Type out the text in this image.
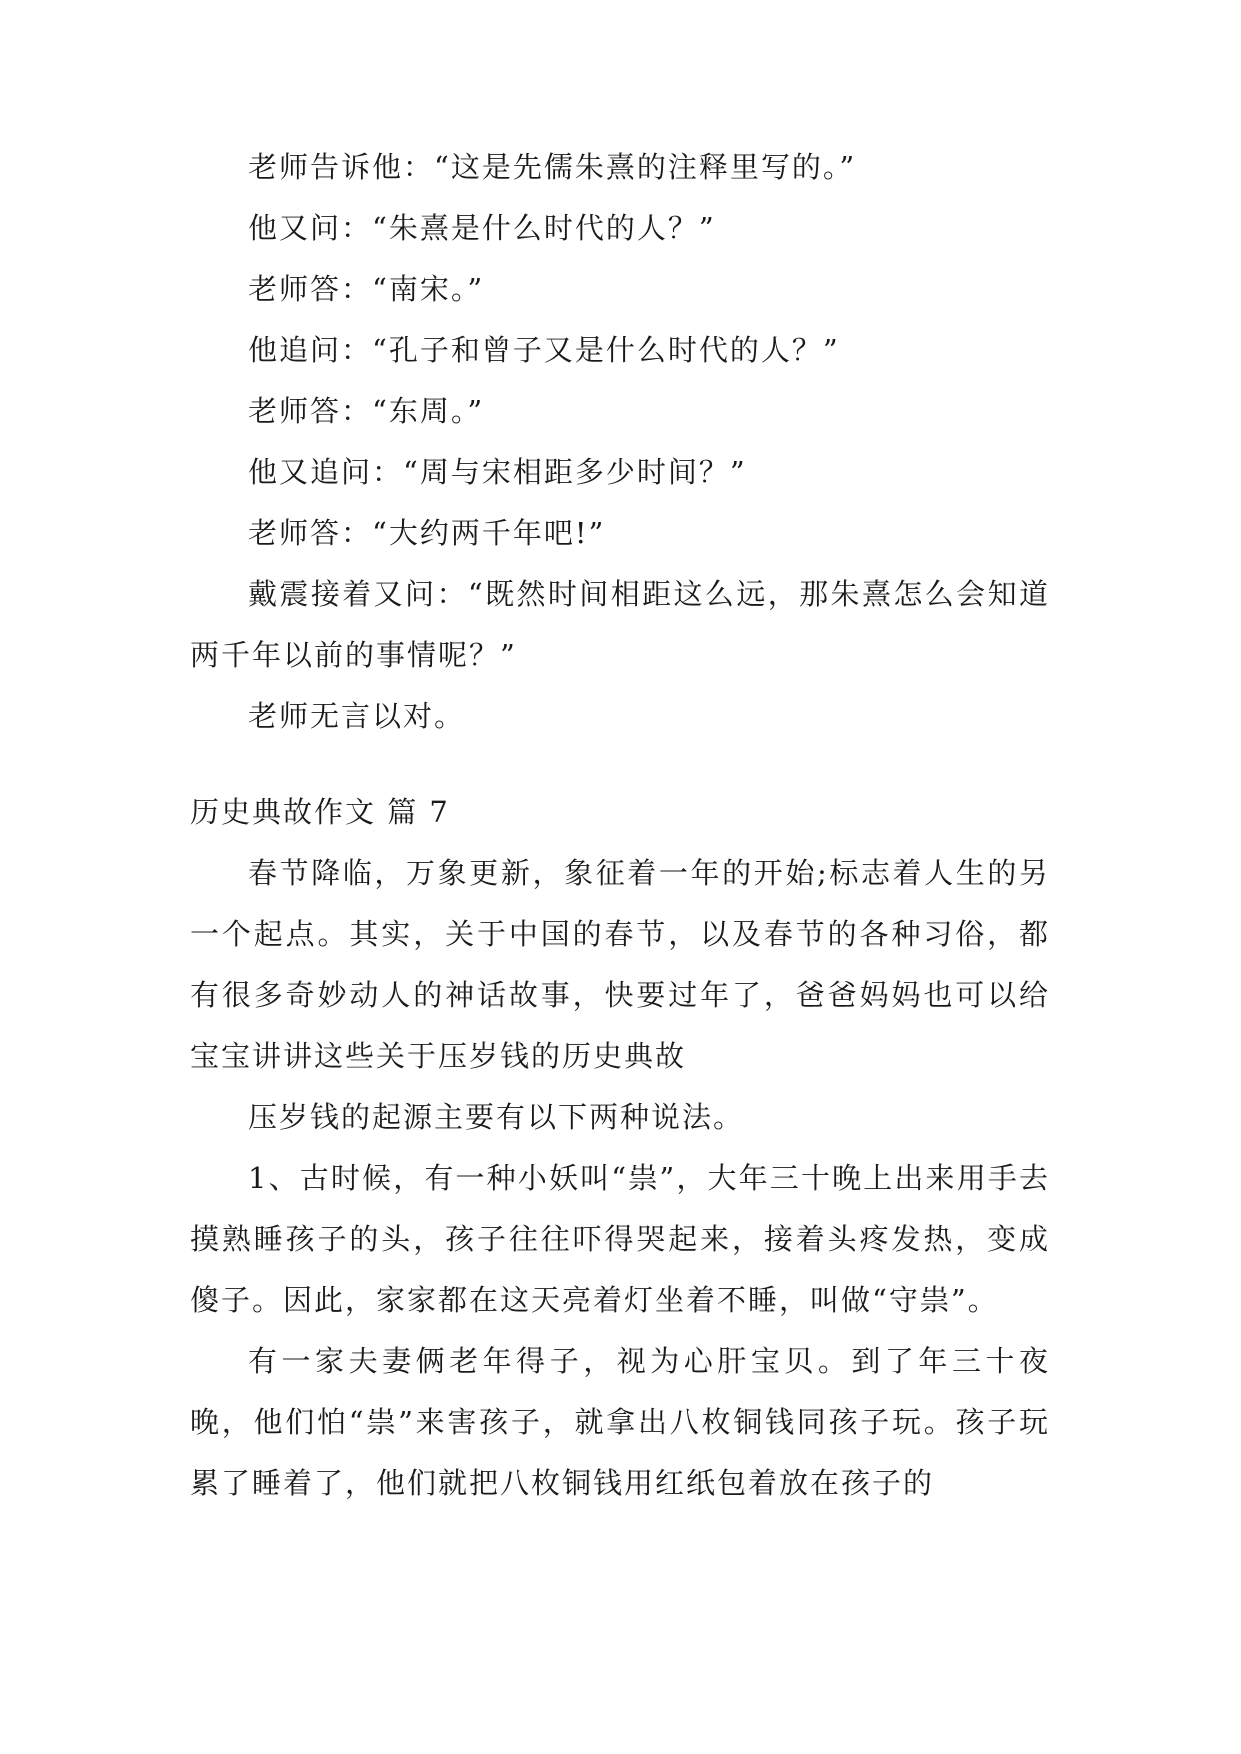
老师告诉他：“这是先儒朱熹的注释里写的。”

他又问：“朱熹是什么时代的人？”

老师答：“南宋。”

他追问：“孔子和曾子又是什么时代的人？”

老师答：“东周。”

他又追问：“周与宋相距多少时间？”

老师答：“大约两千年吧!”

戴震接着又问：“既然时间相距这么远，那朱熹怎么会知道两千年以前的事情呢？”

老师无言以对。

历史典故作文 篇 7

春节降临，万象更新，象征着一年的开始;标志着人生的另一个起点。其实，关于中国的春节，以及春节的各种习俗，都有很多奇妙动人的神话故事，快要过年了，爸爸妈妈也可以给宝宝讲讲这些关于压岁钱的历史典故

压岁钱的起源主要有以下两种说法。

1、古时候，有一种小妖叫“祟”，大年三十晚上出来用手去摸熟睡孩子的头，孩子往往吓得哭起来，接着头疼发热，变成傻子。因此，家家都在这天亮着灯坐着不睡，叫做“守祟”。

有一家夫妻俩老年得子，视为心肝宝贝。到了年三十夜晚，他们怕“祟”来害孩子，就拿出八枚铜钱同孩子玩。孩子玩累了睡着了，他们就把八枚铜钱用红纸包着放在孩子的
